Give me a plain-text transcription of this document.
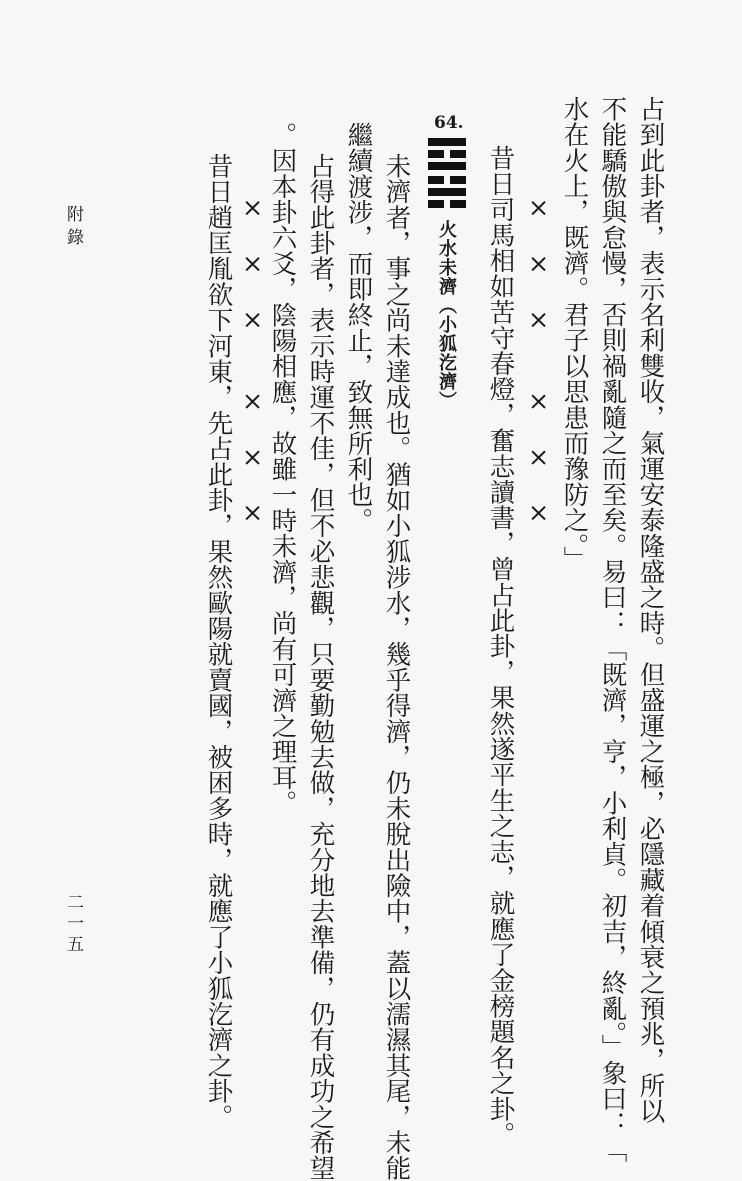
占到此卦者，表示名利雙收，氣運安泰隆盛之時。但盛運之極，必隱藏着傾衰之預兆，所以
不能驕傲與怠慢，否則禍亂隨之而至矣。易曰：「既濟，亨，小利貞。初吉，終亂。」象曰：「
水在火上，既濟。君子以思患而豫防之。」
×　×　×　　×　×　×
昔日司馬相如苦守春燈，奮志讀書，曾占此卦，果然遂平生之志，就應了金榜題名之卦。
64.
火水未濟（小狐汔濟）
未濟者，事之尚未達成也。猶如小狐涉水，幾乎得濟，仍未脫出險中，蓋以濡濕其尾，未能
繼續渡涉，而即終止，致無所利也。
占得此卦者，表示時運不佳，但不必悲觀，只要勤勉去做，充分地去準備，仍有成功之希望
。因本卦六爻，陰陽相應，故雖一時未濟，尚有可濟之理耳。
×　×　×　　×　×　×
昔日趙匡胤欲下河東，先占此卦，果然歐陽就賣國，被困多時，就應了小狐汔濟之卦。
附錄
二一五
